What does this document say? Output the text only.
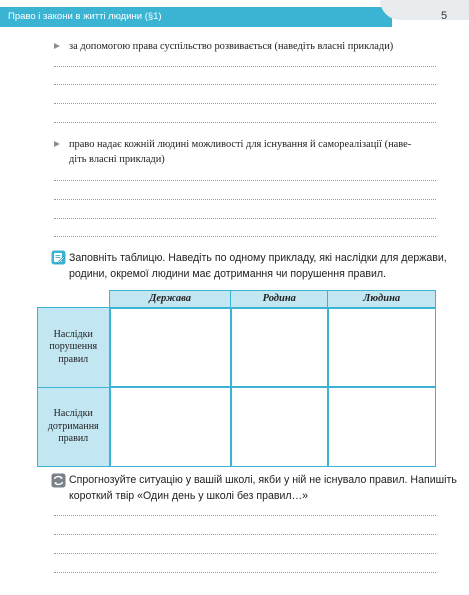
Право і закони в житті людини (§1)	5
за допомогою права суспільство розвивається (наведіть власні приклади)
право надає кожній людині можливості для існування й самореалізації (наве-
діть власні приклади)
Заповніть таблицю. Наведіть по одному прикладу, які наслідки для держави,
родини, окремої людини має дотримання чи порушення правил.
	Держава	Родина	Людина

Наслідки
порушення
правил			

Наслідки
дотримання
правил			

Спрогнозуйте ситуацію у вашій школі, якби у ній не існувало правил. Напишіть
короткий твір «Один день у школі без правил…»
